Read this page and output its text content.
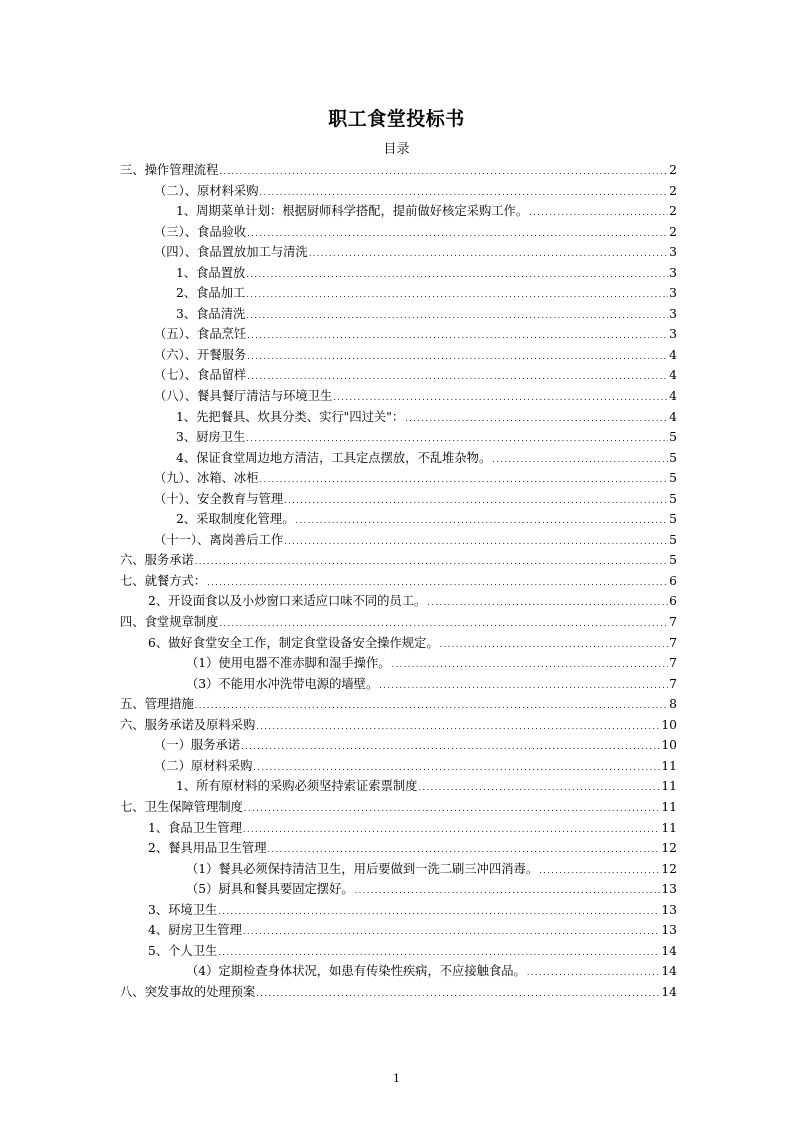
职工食堂投标书
目录
三、操作管理流程 .....	2
（二）、原材料采购 .....	2
1、周期菜单计划：根据厨师科学搭配，提前做好核定采购工作。 .....	2
（三）、食品验收 .....	2
（四）、食品置放加工与清洗 .....	3
1、食品置放 .....	3
2、食品加工 .....	3
3、食品清洗 .....	3
（五）、食品烹饪 .....	3
（六）、开餐服务 .....	4
（七）、食品留样 .....	4
（八）、餐具餐厅清洁与环境卫生 .....	4
1、先把餐具、炊具分类、实行"四过关"： .....	4
3、厨房卫生 .....	5
4、保证食堂周边地方清洁，工具定点摆放，不乱堆杂物。 .....	5
（九）、冰箱、冰柜 .....	5
（十）、安全教育与管理 .....	5
2、采取制度化管理。 .....	5
（十一）、离岗善后工作 .....	5
六、服务承诺 .....	5
七、就餐方式： .....	6
2、开设面食以及小炒窗口来适应口味不同的员工。 .....	6
四、食堂规章制度 .....	7
6、做好食堂安全工作，制定食堂设备安全操作规定。 .....	7
（1）使用电器不准赤脚和湿手操作。 .....	7
（3）不能用水冲洗带电源的墙壁。 .....	7
五、管理措施 .....	8
六、服务承诺及原料采购 .....	10
（一）服务承诺 .....	10
（二）原材料采购 .....	11
1、所有原材料的采购必须坚持索证索票制度 .....	11
七、卫生保障管理制度 .....	11
1、食品卫生管理 .....	11
2、餐具用品卫生管理 .....	12
（1）餐具必须保持清洁卫生，用后要做到一洗二刷三冲四消毒。 .....	12
（5）厨具和餐具要固定摆好。 .....	13
3、环境卫生 .....	13
4、厨房卫生管理 .....	13
5、个人卫生 .....	14
（4）定期检查身体状况，如患有传染性疾病，不应接触食品。 .....	14
八、突发事故的处理预案 .....	14
1
